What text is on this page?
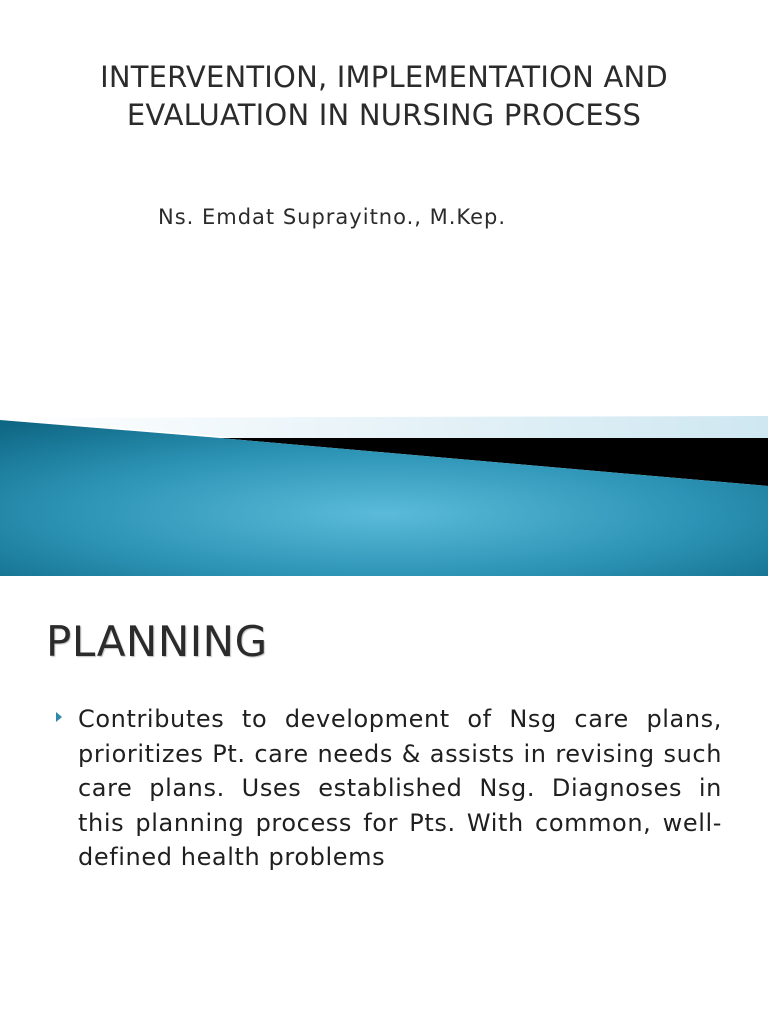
INTERVENTION, IMPLEMENTATION AND EVALUATION IN NURSING PROCESS
Ns. Emdat Suprayitno., M.Kep.
PLANNING
Contributes to development of Nsg care plans, prioritizes Pt. care needs & assists in revising such care plans. Uses established Nsg. Diagnoses in this planning process for Pts. With common, well-defined health problems
